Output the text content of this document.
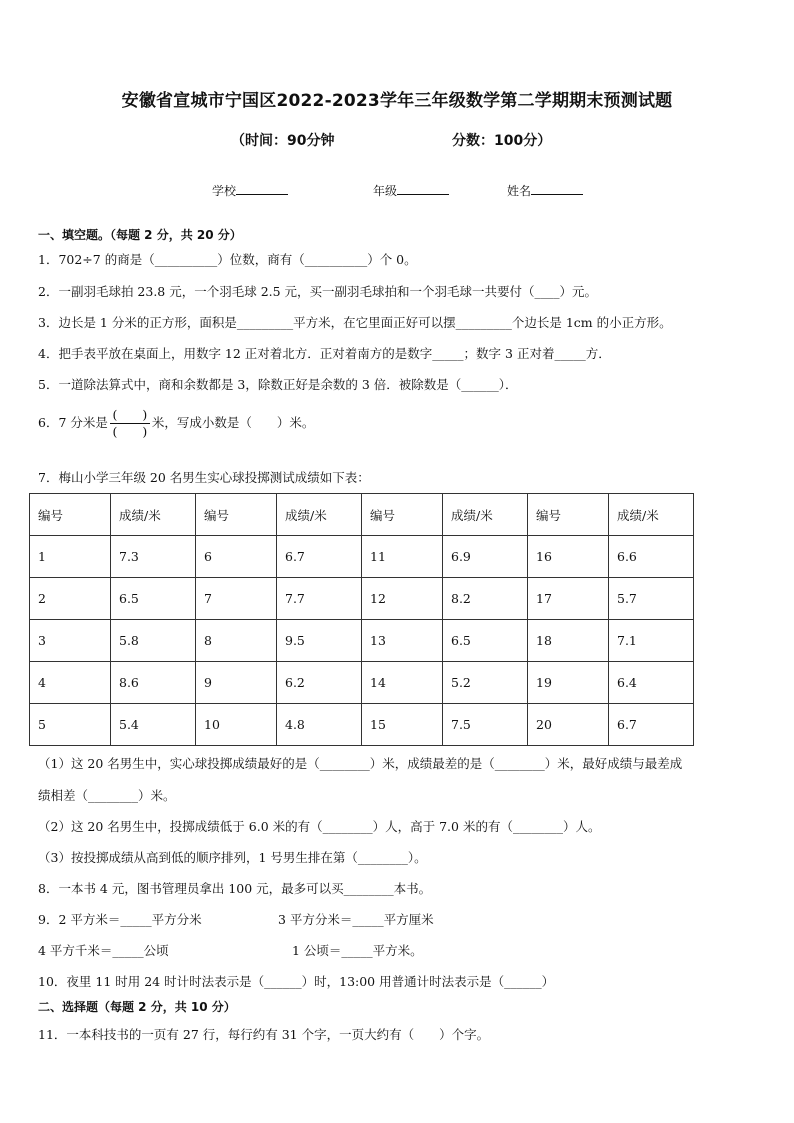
安徽省宣城市宁国区2022-2023学年三年级数学第二学期期末预测试题
（时间：90分钟	分数：100分）
学校	年级	姓名
一、填空题。（每题 2 分，共 20 分）
1．702÷7 的商是（__________）位数，商有（__________）个 0。
2．一副羽毛球拍 23.8 元，一个羽毛球 2.5 元，买一副羽毛球拍和一个羽毛球一共要付（____）元。
3．边长是 1 分米的正方形，面积是_________平方米，在它里面正好可以摆_________个边长是 1cm 的小正方形。
4．把手表平放在桌面上，用数字 12 正对着北方．正对着南方的是数字_____；数字 3 正对着_____方．
5．一道除法算式中，商和余数都是 3，除数正好是余数的 3 倍．被除数是（______）．
6．7 分米是 $\frac{( )}{( )}$ 米，写成小数是（　　）米。
7．梅山小学三年级 20 名男生实心球投掷测试成绩如下表：
编号	成绩/米	编号	成绩/米	编号	成绩/米	编号	成绩/米
1	7.3	6	6.7	11	6.9	16	6.6
2	6.5	7	7.7	12	8.2	17	5.7
3	5.8	8	9.5	13	6.5	18	7.1
4	8.6	9	6.2	14	5.2	19	6.4
5	5.4	10	4.8	15	7.5	20	6.7
（1）这 20 名男生中，实心球投掷成绩最好的是（________）米，成绩最差的是（________）米，最好成绩与最差成
绩相差（________）米。
（2）这 20 名男生中，投掷成绩低于 6.0 米的有（________）人，高于 7.0 米的有（________）人。
（3）按投掷成绩从高到低的顺序排列，1 号男生排在第（________）。
8．一本书 4 元，图书管理员拿出 100 元，最多可以买________本书。
9．2 平方米＝_____平方分米	3 平方分米＝_____平方厘米
4 平方千米＝_____公顷	1 公顷＝_____平方米。
10．夜里 11 时用 24 时计时法表示是（______）时，13:00 用普通计时法表示是（______）
二、选择题（每题 2 分，共 10 分）
11．一本科技书的一页有 27 行，每行约有 31 个字，一页大约有（　　）个字。
